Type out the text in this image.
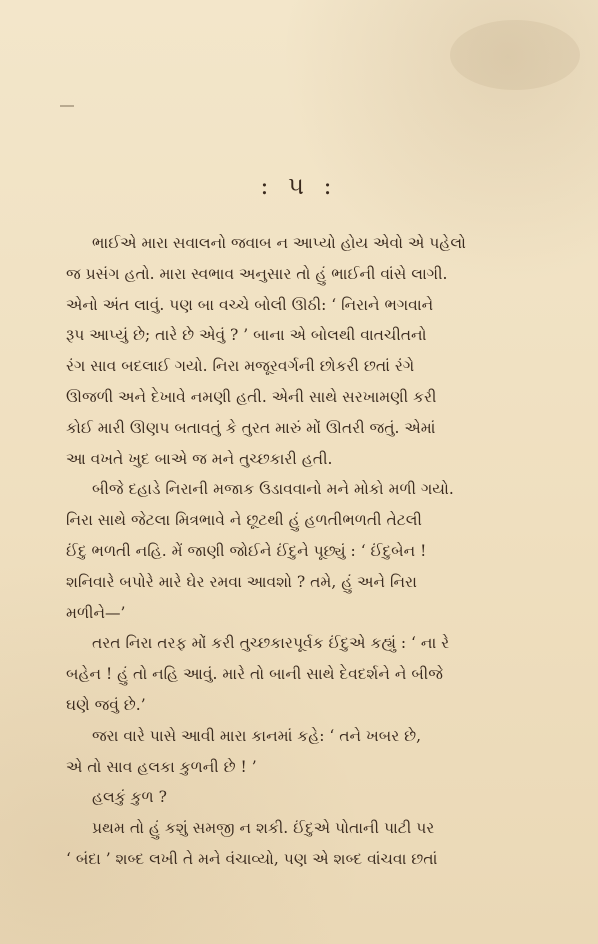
: ૫ :
ભાઈએ મારા સવાલનો જવાબ ન આપ્યો હોય એવો એ પહેલો
જ પ્રસંગ હતો. મારા સ્વભાવ અનુસાર તો હું ભાઈની વાંસે લાગી.
એનો અંત લાવું. પણ બા વચ્ચે બોલી ઊઠી: ‘ નિરાને ભગવાને
રૂપ આપ્યું છે; તારે છે એવું ? ’ બાના એ બોલથી વાતચીતનો
રંગ સાવ બદલાઈ ગયો. નિરા મજૂરવર્ગની છોકરી છતાં રંગે
ઊજળી અને દેખાવે નમણી હતી. એની સાથે સરખામણી કરી
કોઈ મારી ઊણપ બતાવતું કે તુરત મારું મોં ઊતરી જતું. એમાં
આ વખતે ખુદ બાએ જ મને તુચ્છકારી હતી.
બીજે દહાડે નિરાની મજાક ઉડાવવાનો મને મોકો મળી ગયો.
નિરા સાથે જેટલા મિત્રભાવે ને છૂટથી હું હળતીભળતી તેટલી
ઈંદુ ભળતી નહિ. મેં જાણી જોઈને ઈંદુને પૂછ્યું : ‘ ઈંદુબેન !
શનિવારે બપોરે મારે ઘેર રમવા આવશો ? તમે, હું અને નિરા
મળીને—’
તરત નિરા તરફ મોં કરી તુચ્છકારપૂર્વક ઈંદુએ કહ્યું : ‘ ના રે
બહેન ! હું તો નહિ આવું. મારે તો બાની સાથે દેવદર્શને ને બીજે
ઘણે જવું છે.’
જરા વારે પાસે આવી મારા કાનમાં કહે: ‘ તને ખબર છે,
એ તો સાવ હલકા કુળની છે ! ’
હલકું કુળ ?
પ્રથમ તો હું કશું સમજી ન શકી. ઈંદુએ પોતાની પાટી પર
‘ બંદા ’ શબ્દ લખી તે મને વંચાવ્યો, પણ એ શબ્દ વાંચવા છતાં
